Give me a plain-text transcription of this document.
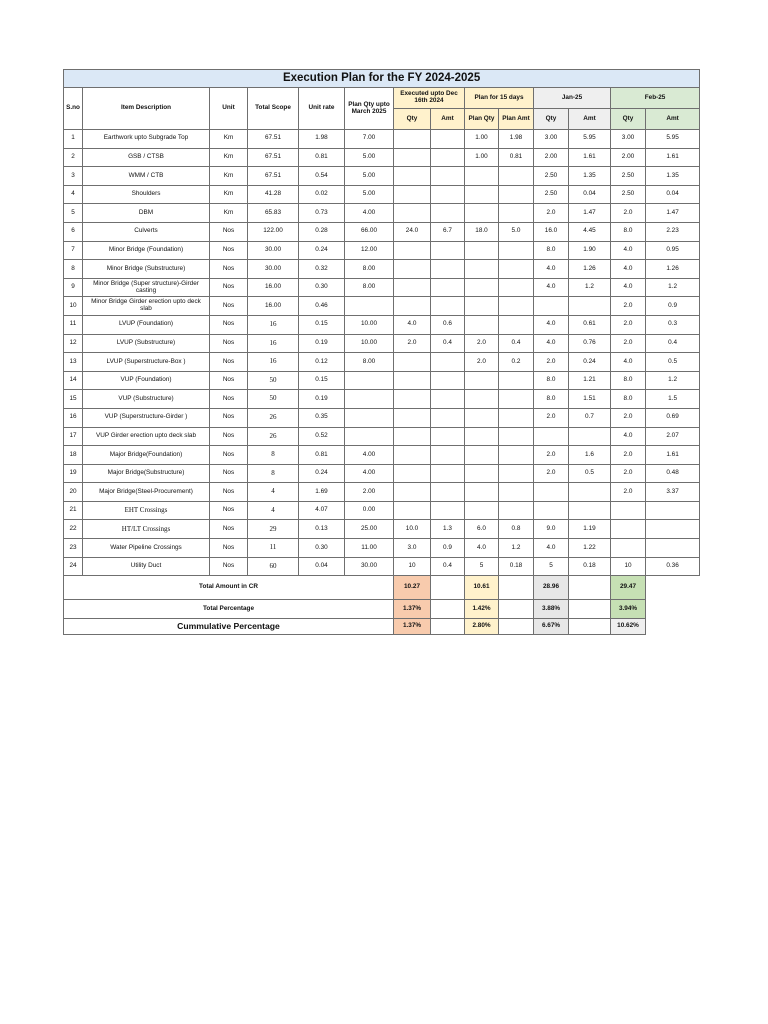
Execution Plan for the FY 2024-2025													
S.no	Item Description	Unit	Total Scope	Unit rate	Plan Qty upto March 2025	Executed upto Dec 16th 2024		Plan for 15 days		Jan-25		Feb-25	
						Qty	Amt	Plan Qty	Plan Amt	Qty	Amt	Qty	Amt
1	Earthwork upto Subgrade Top	Km	67.51	1.98	7.00			1.00	1.98	3.00	5.95	3.00	5.95
2	GSB / CTSB	Km	67.51	0.81	5.00			1.00	0.81	2.00	1.61	2.00	1.61
3	WMM / CTB	Km	67.51	0.54	5.00					2.50	1.35	2.50	1.35
4	Shoulders	Km	41.28	0.02	5.00					2.50	0.04	2.50	0.04
5	DBM	Km	65.83	0.73	4.00					2.0	1.47	2.0	1.47
6	Culverts	Nos	122.00	0.28	66.00	24.0	6.7	18.0	5.0	16.0	4.45	8.0	2.23
7	Minor Bridge (Foundation)	Nos	30.00	0.24	12.00					8.0	1.90	4.0	0.95
8	Minor Bridge (Substructure)	Nos	30.00	0.32	8.00					4.0	1.26	4.0	1.26
9	Minor Bridge (Super structure)-Girder casting	Nos	16.00	0.30	8.00					4.0	1.2	4.0	1.2
10	Minor Bridge Girder erection upto deck slab	Nos	16.00	0.46								2.0	0.9
11	LVUP (Foundation)	Nos	16	0.15	10.00	4.0	0.6			4.0	0.61	2.0	0.3
12	LVUP (Substructure)	Nos	16	0.19	10.00	2.0	0.4	2.0	0.4	4.0	0.76	2.0	0.4
13	LVUP (Superstructure-Box )	Nos	16	0.12	8.00			2.0	0.2	2.0	0.24	4.0	0.5
14	VUP (Foundation)	Nos	50	0.15						8.0	1.21	8.0	1.2
15	VUP (Substructure)	Nos	50	0.19						8.0	1.51	8.0	1.5
16	VUP (Superstructure-Girder )	Nos	26	0.35						2.0	0.7	2.0	0.69
17	VUP Girder erection upto deck slab	Nos	26	0.52								4.0	2.07
18	Major Bridge(Foundation)	Nos	8	0.81	4.00					2.0	1.6	2.0	1.61
19	Major Bridge(Substructure)	Nos	8	0.24	4.00					2.0	0.5	2.0	0.48
20	Major Bridge(Steel-Procurement)	Nos	4	1.69	2.00							2.0	3.37
21	EHT Crossings	Nos	4	4.07	0.00								
22	HT/LT Crossings	Nos	29	0.13	25.00	10.0	1.3	6.0	0.8	9.0	1.19		
23	Water Pipeline Crossings	Nos	11	0.30	11.00	3.0	0.9	4.0	1.2	4.0	1.22		
24	Utility Duct	Nos	60	0.04	30.00	10	0.4	5	0.18	5	0.18	10	0.36
Total Amount in CR						10.27		10.61		28.96		29.47	
Total Percentage						1.37%		1.42%		3.88%		3.94%	
Cummulative Percentage						1.37%		2.80%		6.67%		10.62%	
